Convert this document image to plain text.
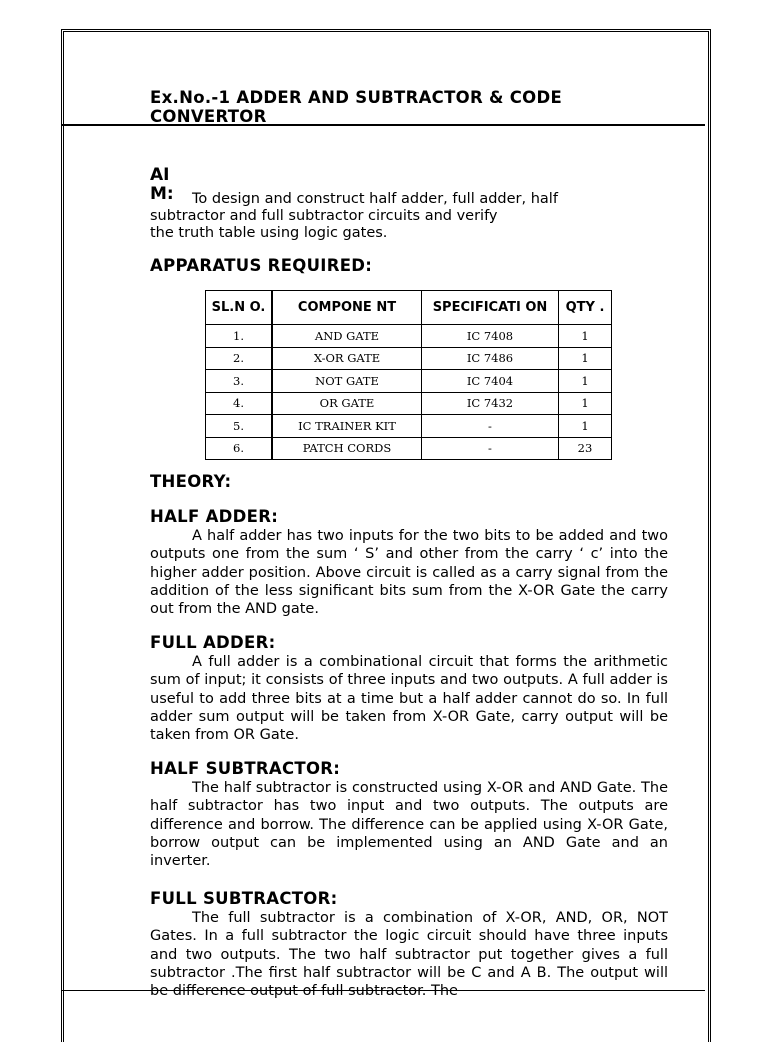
Ex.No.-1 ADDER AND SUBTRACTOR & CODE CONVERTOR
AI M:	To design and construct half adder, full adder, half
subtractor and full subtractor circuits and verify
the truth table using logic gates.
APPARATUS REQUIRED:
SL.N O.	COMPONE NT	SPECIFICATI ON	QTY .
1.	AND GATE	IC 7408	1
2.	X-OR GATE	IC 7486	1
3.	NOT GATE	IC 7404	1
4.	OR GATE	IC 7432	1
5.	IC TRAINER KIT	-	1
6.	PATCH CORDS	-	23
THEORY:
HALF ADDER:
A half adder has two inputs for the two bits to be added and two outputs one from the sum ‘ S’ and other from the carry ‘ c’ into the higher adder position. Above circuit is called as a carry signal from the addition of the less significant bits sum from the X-OR Gate the carry out from the AND gate.
FULL ADDER:
A full adder is a combinational circuit that forms the arithmetic sum of input; it consists of three inputs and two outputs. A full adder is useful to add three bits at a time but a half adder cannot do so. In full adder sum output will be taken from X-OR Gate, carry output will be taken from OR Gate.
HALF SUBTRACTOR:
The half subtractor is constructed using X-OR and AND Gate. The half subtractor has two input and two outputs. The outputs are difference and borrow. The difference can be applied using X-OR Gate, borrow output can be implemented using an AND Gate and an inverter.
FULL SUBTRACTOR:
The full subtractor is a combination of X-OR, AND, OR, NOT Gates. In a full subtractor the logic circuit should have three inputs and two outputs. The two half subtractor put together gives a full subtractor .The first half subtractor will be C and A B. The output will be difference output of full subtractor. The
